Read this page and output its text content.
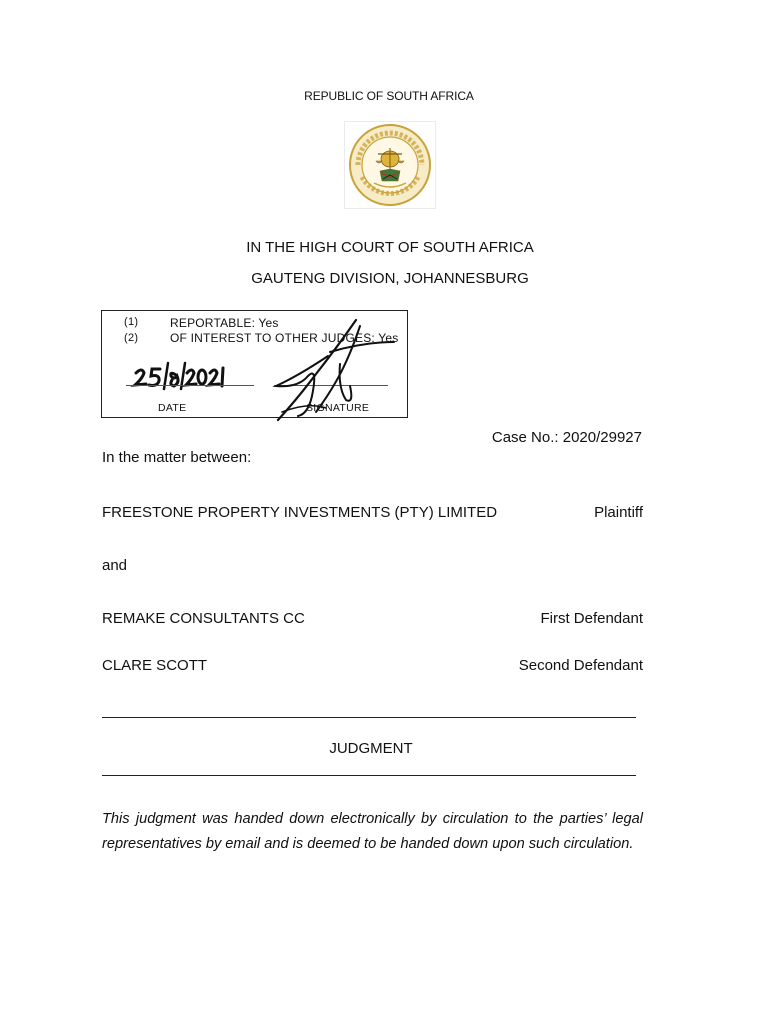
REPUBLIC OF SOUTH AFRICA
IN THE HIGH COURT OF SOUTH AFRICA
GAUTENG DIVISION, JOHANNESBURG
(1)	REPORTABLE: Yes
(2)	OF INTEREST TO OTHER JUDGES: Yes
DATE	SIGNATURE
Case No.: 2020/29927
In the matter between:
FREESTONE PROPERTY INVESTMENTS (PTY) LIMITED	Plaintiff
and
REMAKE CONSULTANTS CC	First Defendant
CLARE SCOTT	Second Defendant
JUDGMENT
This judgment was handed down electronically by circulation to the parties’ legal representatives by email and is deemed to be handed down upon such circulation.
